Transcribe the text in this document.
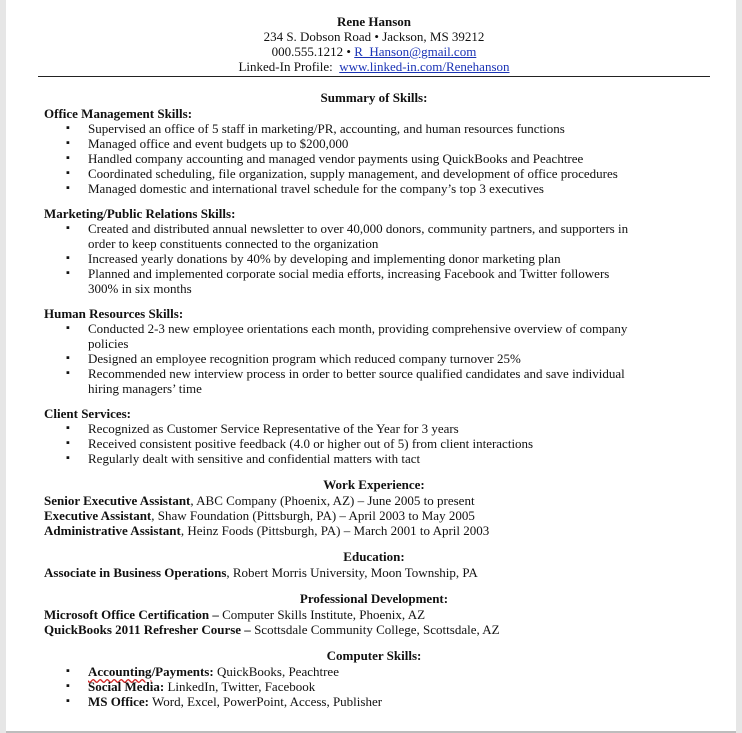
Rene Hanson
234 S. Dobson Road • Jackson, MS 39212
000.555.1212 • R_Hanson@gmail.com
Linked-In Profile: www.linked-in.com/Renehanson
Summary of Skills:
Office Management Skills:
▪ Supervised an office of 5 staff in marketing/PR, accounting, and human resources functions
▪ Managed office and event budgets up to $200,000
▪ Handled company accounting and managed vendor payments using QuickBooks and Peachtree
▪ Coordinated scheduling, file organization, supply management, and development of office procedures
▪ Managed domestic and international travel schedule for the company’s top 3 executives
Marketing/Public Relations Skills:
▪ Created and distributed annual newsletter to over 40,000 donors, community partners, and supporters in
order to keep constituents connected to the organization
▪ Increased yearly donations by 40% by developing and implementing donor marketing plan
▪ Planned and implemented corporate social media efforts, increasing Facebook and Twitter followers
300% in six months
Human Resources Skills:
▪ Conducted 2-3 new employee orientations each month, providing comprehensive overview of company
policies
▪ Designed an employee recognition program which reduced company turnover 25%
▪ Recommended new interview process in order to better source qualified candidates and save individual
hiring managers’ time
Client Services:
▪ Recognized as Customer Service Representative of the Year for 3 years
▪ Received consistent positive feedback (4.0 or higher out of 5) from client interactions
▪ Regularly dealt with sensitive and confidential matters with tact
Work Experience:
Senior Executive Assistant, ABC Company (Phoenix, AZ) – June 2005 to present
Executive Assistant, Shaw Foundation (Pittsburgh, PA) – April 2003 to May 2005
Administrative Assistant, Heinz Foods (Pittsburgh, PA) – March 2001 to April 2003
Education:
Associate in Business Operations, Robert Morris University, Moon Township, PA
Professional Development:
Microsoft Office Certification – Computer Skills Institute, Phoenix, AZ
QuickBooks 2011 Refresher Course – Scottsdale Community College, Scottsdale, AZ
Computer Skills:
▪ Accounting/Payments: QuickBooks, Peachtree
▪ Social Media: LinkedIn, Twitter, Facebook
▪ MS Office: Word, Excel, PowerPoint, Access, Publisher
